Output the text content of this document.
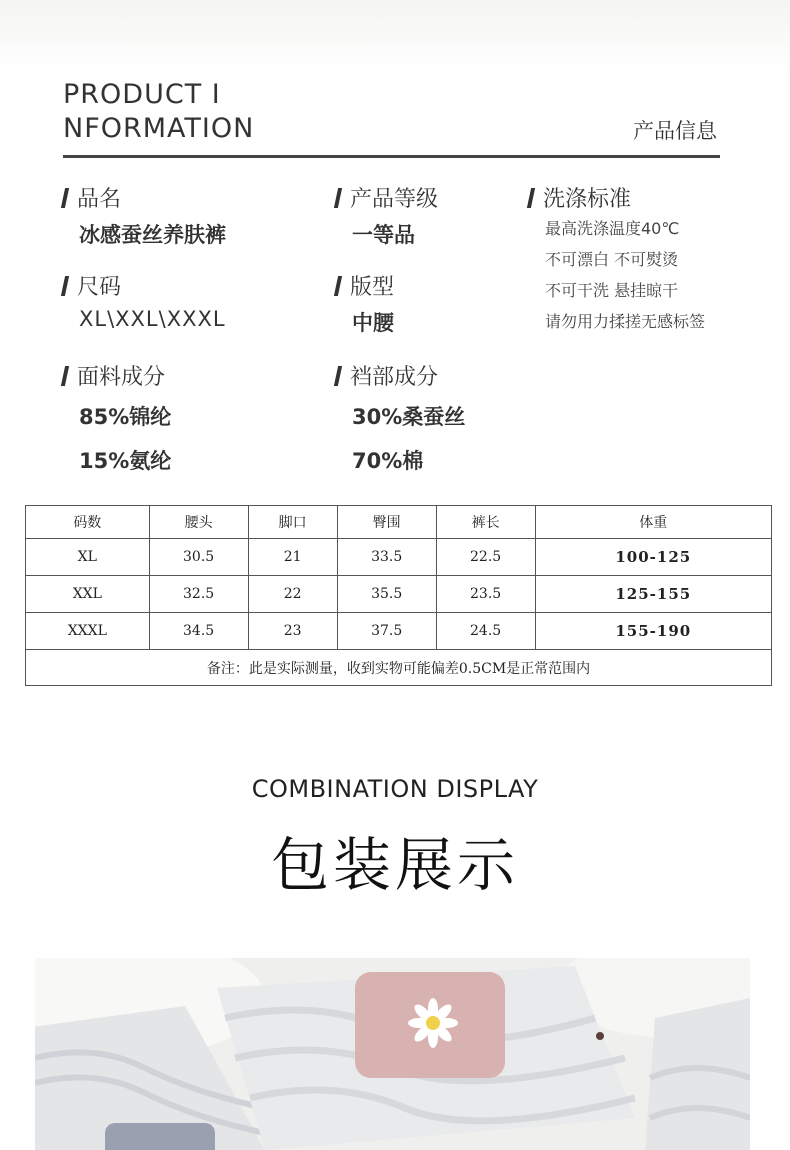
PRODUCT I
NFORMATION	产品信息
品名
冰感蚕丝养肤裤
尺码
XL\XXL\XXXL
面料成分
85%锦纶
15%氨纶
产品等级
一等品
版型
中腰
裆部成分
30%桑蚕丝
70%棉
洗涤标准
最高洗涤温度40℃
不可漂白 不可熨烫
不可干洗 悬挂晾干
请勿用力揉搓无感标签
码数	腰头	脚口	臀围	裤长	体重
XL	30.5	21	33.5	22.5	100-125
XXL	32.5	22	35.5	23.5	125-155
XXXL	34.5	23	37.5	24.5	155-190
备注：此是实际测量，收到实物可能偏差0.5CM是正常范围内					
COMBINATION DISPLAY
包装展示
